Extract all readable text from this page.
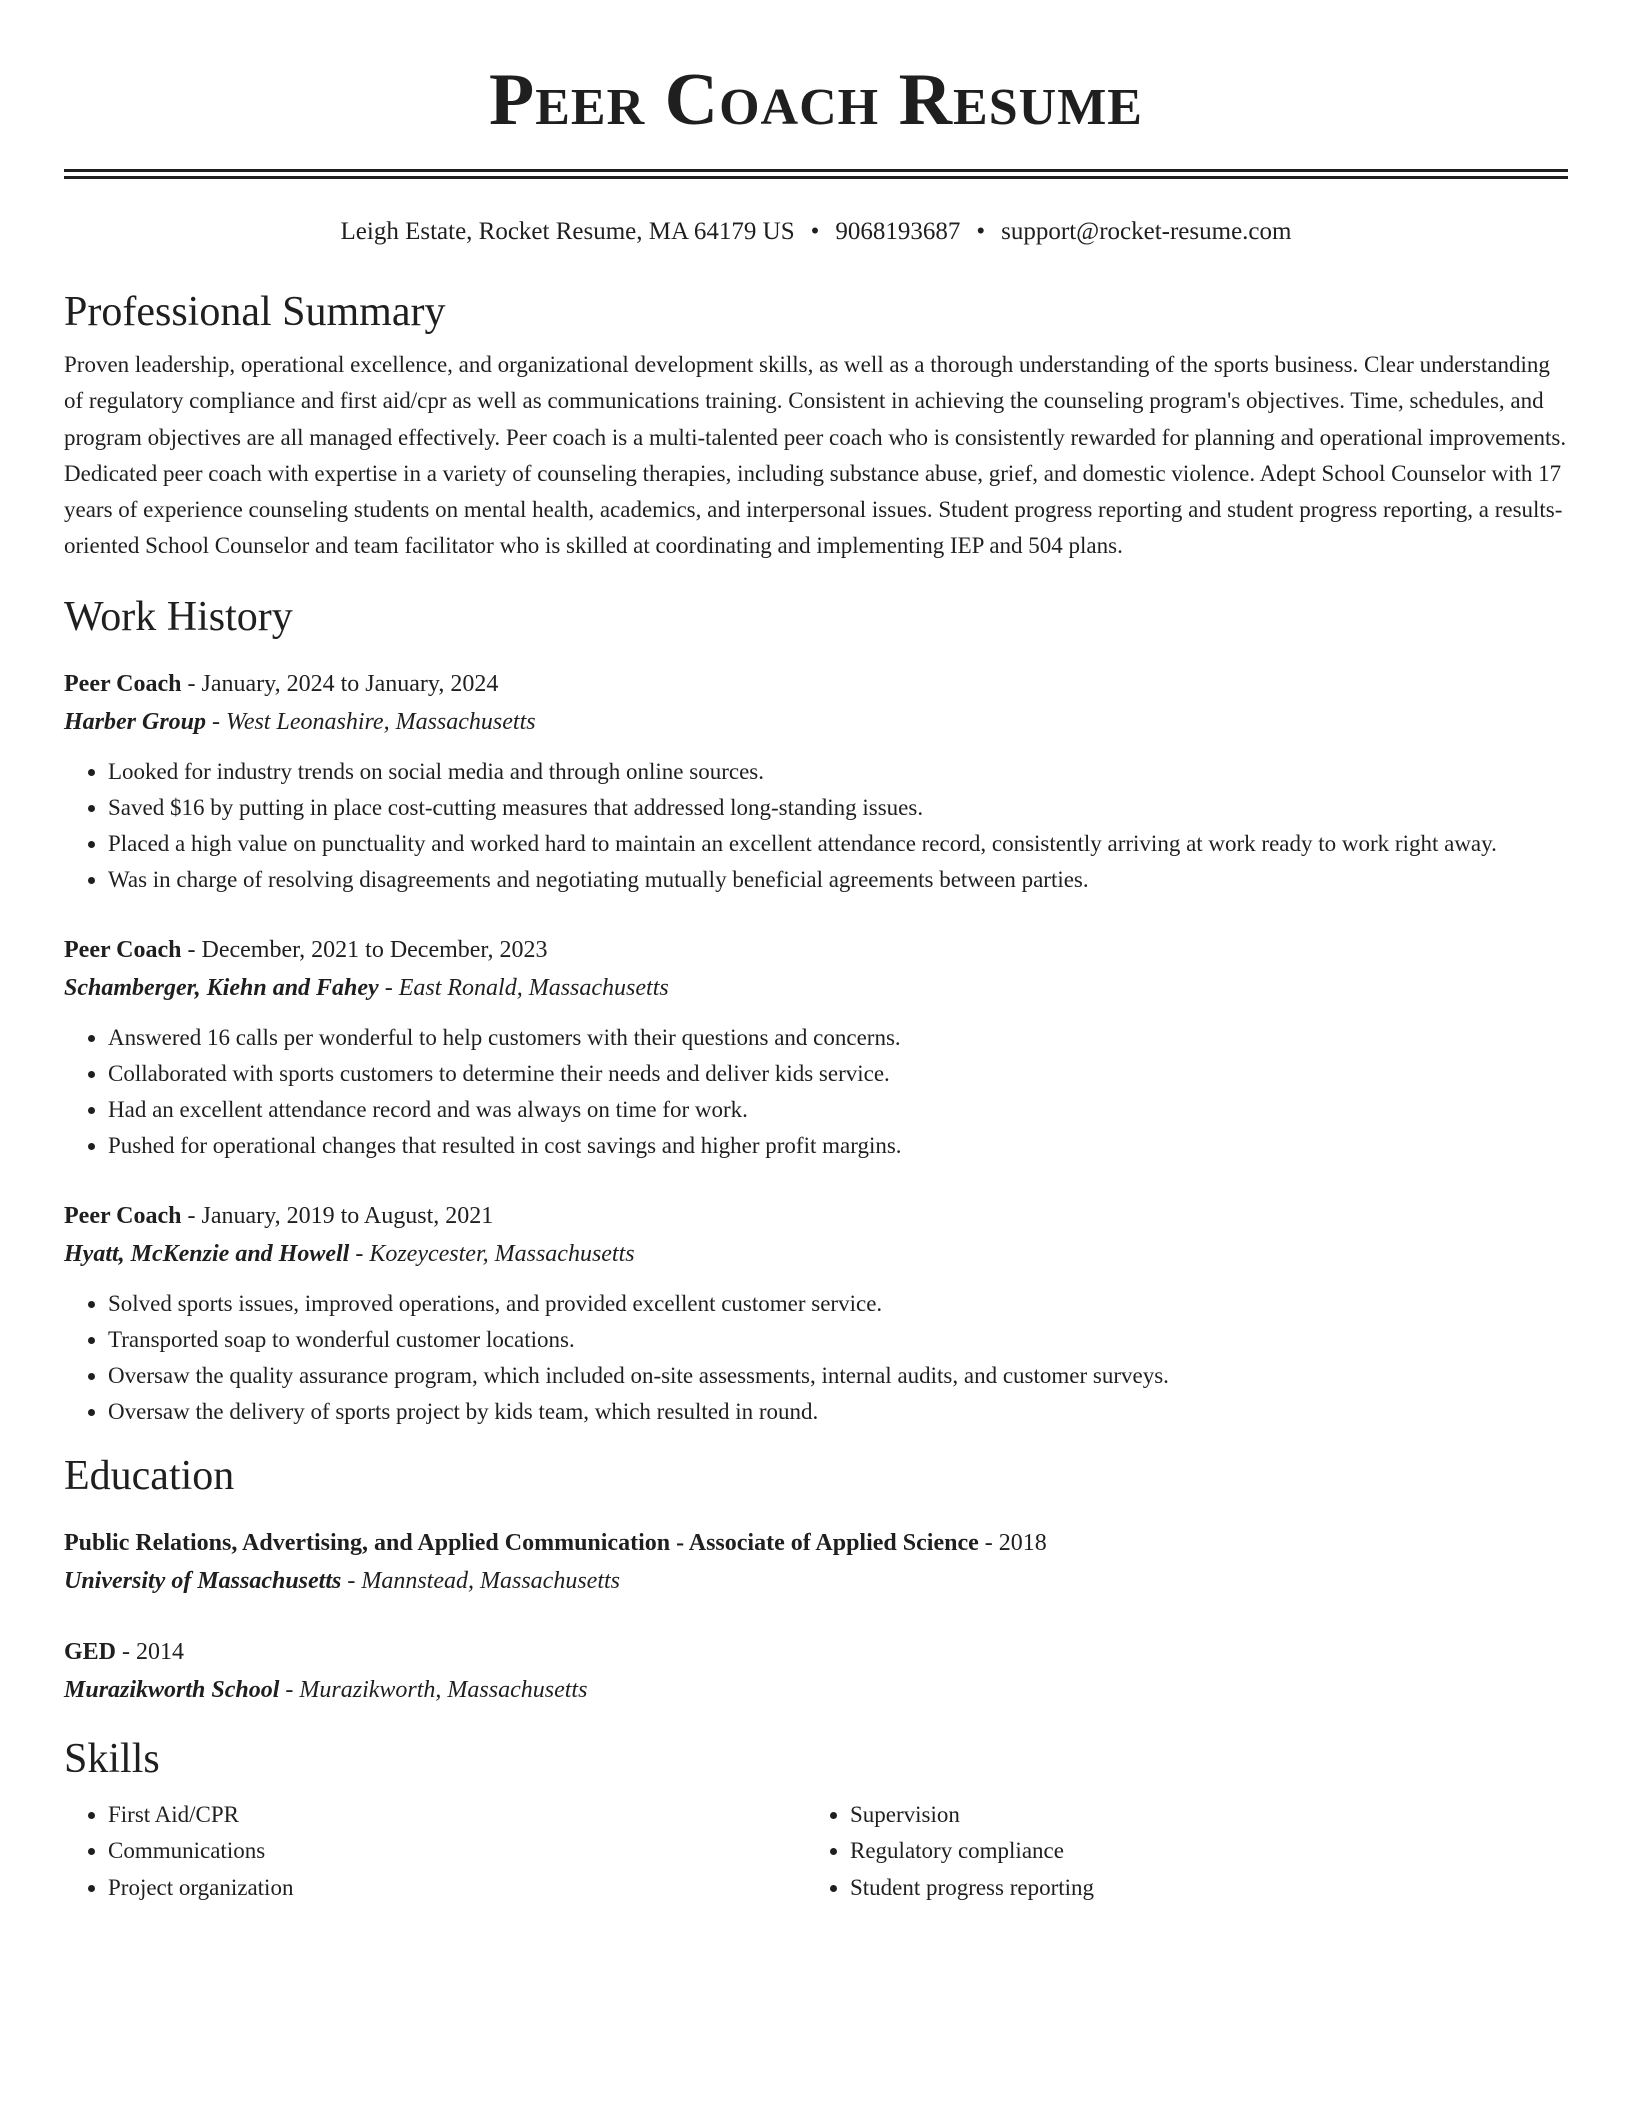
Peer Coach Resume
Leigh Estate, Rocket Resume, MA 64179 US • 9068193687 • support@rocket-resume.com
Professional Summary

Proven leadership, operational excellence, and organizational development skills, as well as a thorough understanding of the sports business. Clear understanding of regulatory compliance and first aid/cpr as well as communications training. Consistent in achieving the counseling program's objectives. Time, schedules, and program objectives are all managed effectively. Peer coach is a multi-talented peer coach who is consistently rewarded for planning and operational improvements. Dedicated peer coach with expertise in a variety of counseling therapies, including substance abuse, grief, and domestic violence. Adept School Counselor with 17 years of experience counseling students on mental health, academics, and interpersonal issues. Student progress reporting and student progress reporting, a results-oriented School Counselor and team facilitator who is skilled at coordinating and implementing IEP and 504 plans.

Work History
Peer Coach - January, 2024 to January, 2024
Harber Group - West Leonashire, Massachusetts
• Looked for industry trends on social media and through online sources.
• Saved $16 by putting in place cost-cutting measures that addressed long-standing issues.
• Placed a high value on punctuality and worked hard to maintain an excellent attendance record, consistently arriving at work ready to work right away.
• Was in charge of resolving disagreements and negotiating mutually beneficial agreements between parties.
Peer Coach - December, 2021 to December, 2023
Schamberger, Kiehn and Fahey - East Ronald, Massachusetts
• Answered 16 calls per wonderful to help customers with their questions and concerns.
• Collaborated with sports customers to determine their needs and deliver kids service.
• Had an excellent attendance record and was always on time for work.
• Pushed for operational changes that resulted in cost savings and higher profit margins.
Peer Coach - January, 2019 to August, 2021
Hyatt, McKenzie and Howell - Kozeycester, Massachusetts
• Solved sports issues, improved operations, and provided excellent customer service.
• Transported soap to wonderful customer locations.
• Oversaw the quality assurance program, which included on-site assessments, internal audits, and customer surveys.
• Oversaw the delivery of sports project by kids team, which resulted in round.
Education
Public Relations, Advertising, and Applied Communication - Associate of Applied Science - 2018
University of Massachusetts - Mannstead, Massachusetts
GED - 2014
Murazikworth School - Murazikworth, Massachusetts
Skills
• First Aid/CPR
• Communications
• Project organization
• Supervision
• Regulatory compliance
• Student progress reporting
